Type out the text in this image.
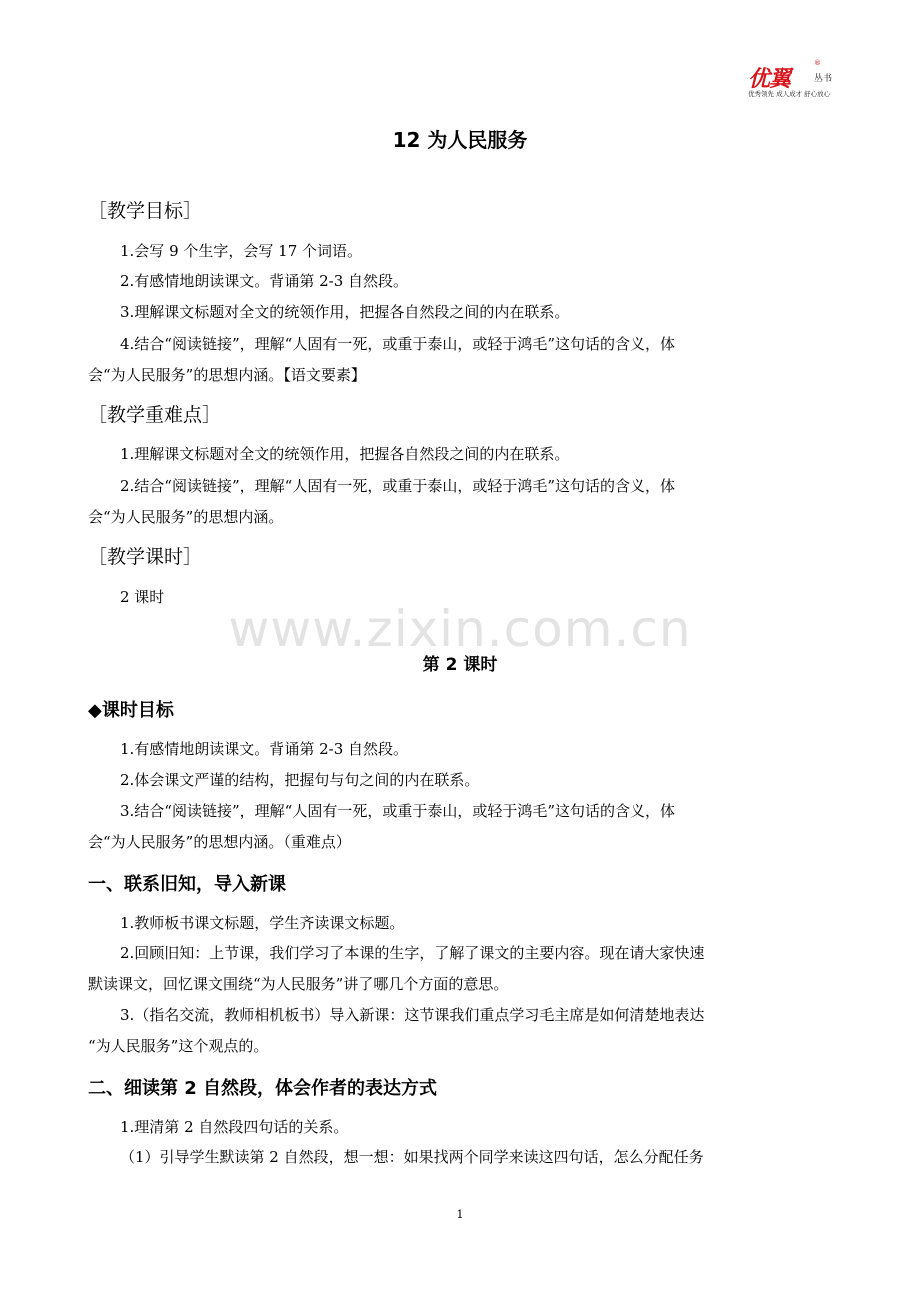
优翼
®
丛书
优秀领先 成人成才 舒心放心
www.zixin.com.cn
12 为人民服务
［教学目标］
1.会写 9 个生字，会写 17 个词语。
2.有感情地朗读课文。背诵第 2-3 自然段。
3.理解课文标题对全文的统领作用，把握各自然段之间的内在联系。
4.结合“阅读链接”，理解“人固有一死，或重于泰山，或轻于鸿毛”这句话的含义，体
会“为人民服务”的思想内涵。【语文要素】
［教学重难点］
1.理解课文标题对全文的统领作用，把握各自然段之间的内在联系。
2.结合“阅读链接”，理解“人固有一死，或重于泰山，或轻于鸿毛”这句话的含义，体
会“为人民服务”的思想内涵。
［教学课时］
2 课时
第 2 课时
◆课时目标
1.有感情地朗读课文。背诵第 2-3 自然段。
2.体会课文严谨的结构，把握句与句之间的内在联系。
3.结合“阅读链接”，理解“人固有一死，或重于泰山，或轻于鸿毛”这句话的含义，体
会“为人民服务”的思想内涵。（重难点）
一、联系旧知，导入新课
1.教师板书课文标题，学生齐读课文标题。
2.回顾旧知：上节课，我们学习了本课的生字，了解了课文的主要内容。现在请大家快速
默读课文，回忆课文围绕“为人民服务”讲了哪几个方面的意思。
3.（指名交流，教师相机板书）导入新课：这节课我们重点学习毛主席是如何清楚地表达
“为人民服务”这个观点的。
二、细读第 2 自然段，体会作者的表达方式
1.理清第 2 自然段四句话的关系。
（1）引导学生默读第 2 自然段，想一想：如果找两个同学来读这四句话，怎么分配任务
1
